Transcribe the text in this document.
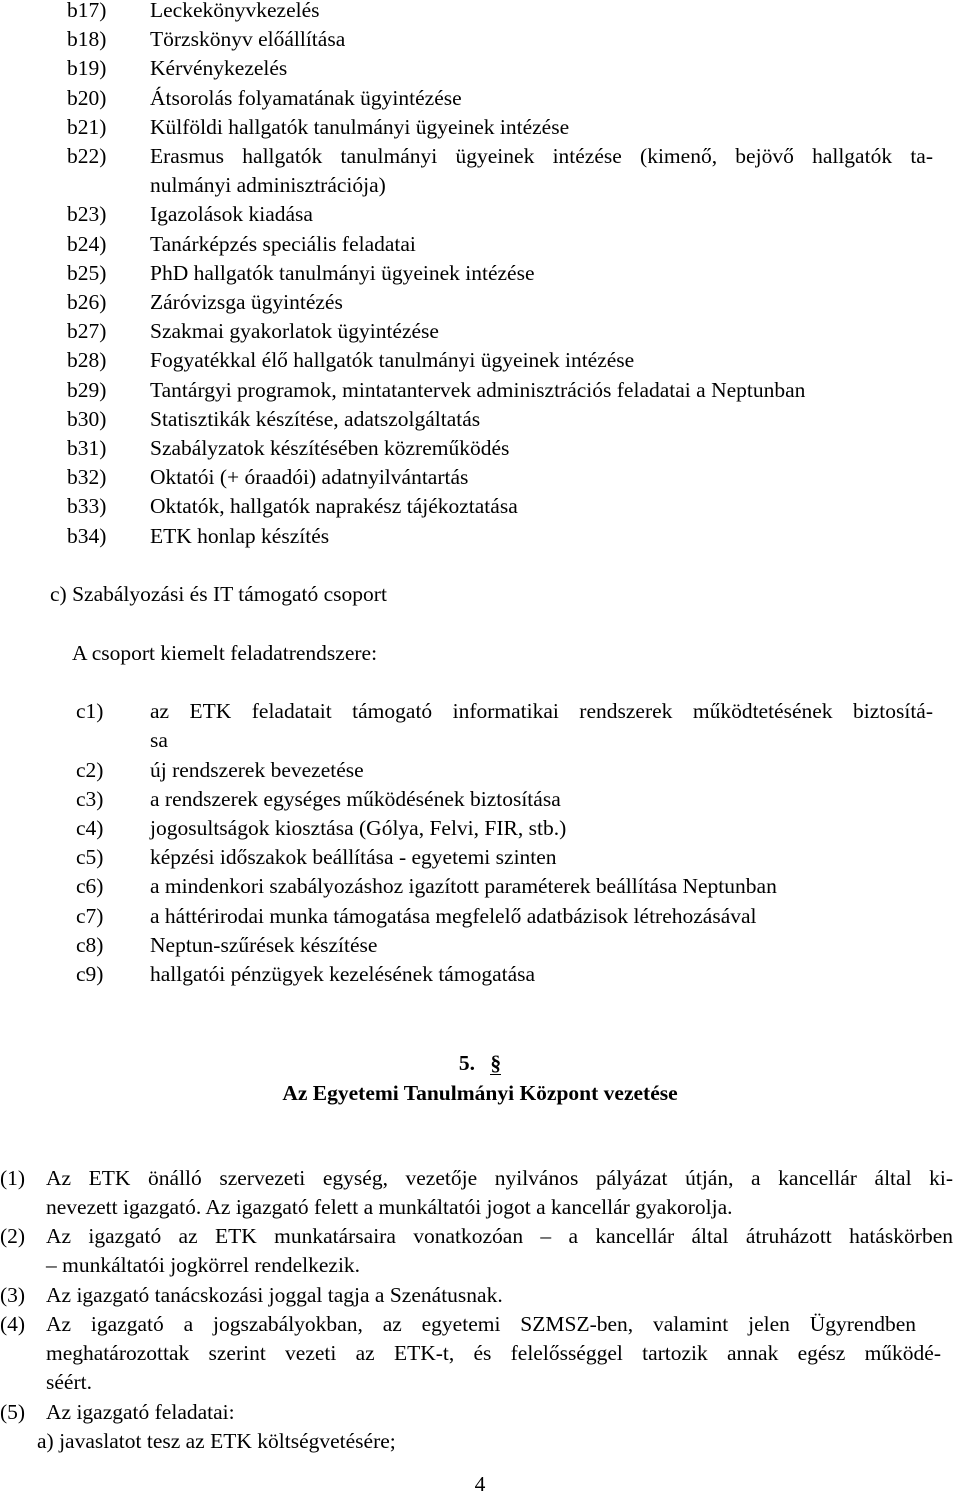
b17) Leckekönyvkezelés
b18) Törzskönyv előállítása
b19) Kérvénykezelés
b20) Átsorolás folyamatának ügyintézése
b21) Külföldi hallgatók tanulmányi ügyeinek intézése
b22) Erasmus hallgatók tanulmányi ügyeinek intézése (kimenő, bejövő hallgatók ta-
nulmányi adminisztrációja)
b23) Igazolások kiadása
b24) Tanárképzés speciális feladatai
b25) PhD hallgatók tanulmányi ügyeinek intézése
b26) Záróvizsga ügyintézés
b27) Szakmai gyakorlatok ügyintézése
b28) Fogyatékkal élő hallgatók tanulmányi ügyeinek intézése
b29) Tantárgyi programok, mintatantervek adminisztrációs feladatai a Neptunban
b30) Statisztikák készítése, adatszolgáltatás
b31) Szabályzatok készítésében közreműködés
b32) Oktatói (+ óraadói) adatnyilvántartás
b33) Oktatók, hallgatók naprakész tájékoztatása
b34) ETK honlap készítés
c) Szabályozási és IT támogató csoport
A csoport kiemelt feladatrendszere:
c1) az ETK feladatait támogató informatikai rendszerek működtetésének biztosítá-
sa
c2) új rendszerek bevezetése
c3) a rendszerek egységes működésének biztosítása
c4) jogosultságok kiosztása (Gólya, Felvi, FIR, stb.)
c5) képzési időszakok beállítása - egyetemi szinten
c6) a mindenkori szabályozáshoz igazított paraméterek beállítása Neptunban
c7) a háttérirodai munka támogatása megfelelő adatbázisok létrehozásával
c8) Neptun-szűrések készítése
c9) hallgatói pénzügyek kezelésének támogatása
5. §
Az Egyetemi Tanulmányi Központ vezetése
(1) Az ETK önálló szervezeti egység, vezetője nyilvános pályázat útján, a kancellár által ki-
nevezett igazgató. Az igazgató felett a munkáltatói jogot a kancellár gyakorolja.
(2) Az igazgató az ETK munkatársaira vonatkozóan – a kancellár által átruházott hatáskörben
– munkáltatói jogkörrel rendelkezik.
(3) Az igazgató tanácskozási joggal tagja a Szenátusnak.
(4) Az igazgató a jogszabályokban, az egyetemi SZMSZ-ben, valamint jelen Ügyrendben
meghatározottak szerint vezeti az ETK-t, és felelősséggel tartozik annak egész működé-
séért.
(5) Az igazgató feladatai:
a) javaslatot tesz az ETK költségvetésére;
4
